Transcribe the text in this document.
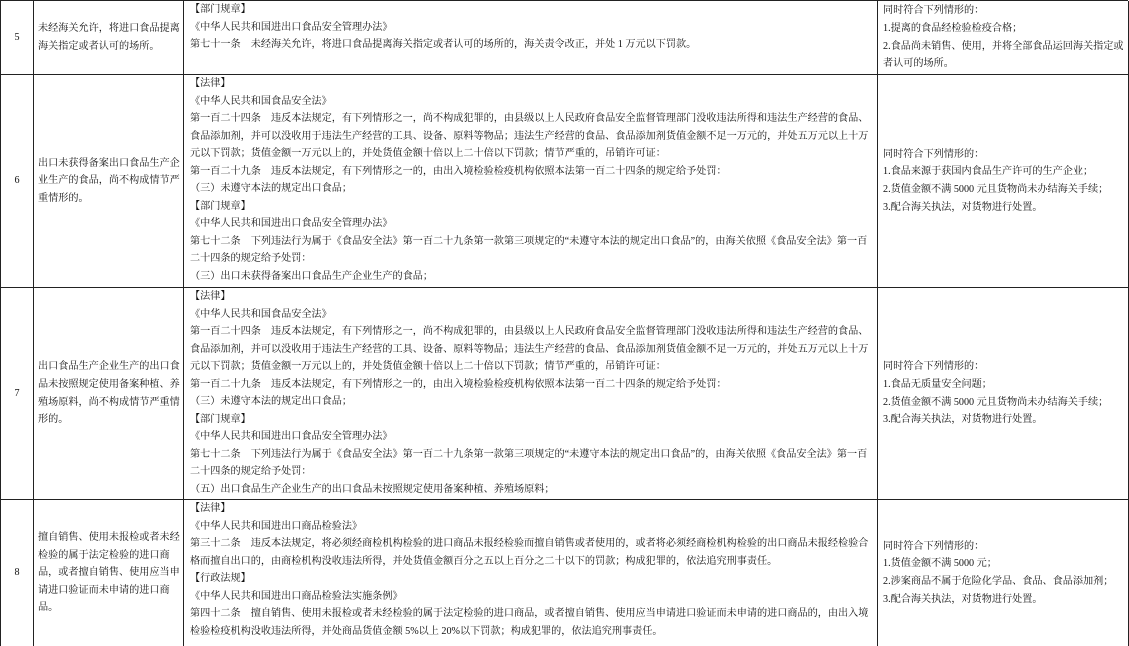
5

未经海关允许，将进口食品提离海关指定或者认可的场所。

【部门规章】

《中华人民共和国进出口食品安全管理办法》

第七十一条　未经海关允许，将进口食品提离海关指定或者认可的场所的，海关责令改正，并处 1 万元以下罚款。

同时符合下列情形的：

1.提离的食品经检验检疫合格；

2.食品尚未销售、使用，并将全部食品运回海关指定或者认可的场所。

6

出口未获得备案出口食品生产企业生产的食品，尚不构成情节严重情形的。

【法律】

《中华人民共和国食品安全法》

第一百二十四条　违反本法规定，有下列情形之一，尚不构成犯罪的，由县级以上人民政府食品安全监督管理部门没收违法所得和违法生产经营的食品、食品添加剂，并可以没收用于违法生产经营的工具、设备、原料等物品；违法生产经营的食品、食品添加剂货值金额不足一万元的，并处五万元以上十万元以下罚款；货值金额一万元以上的，并处货值金额十倍以上二十倍以下罚款；情节严重的，吊销许可证：

第一百二十九条　违反本法规定，有下列情形之一的，由出入境检验检疫机构依照本法第一百二十四条的规定给予处罚：

（三）未遵守本法的规定出口食品；

【部门规章】

《中华人民共和国进出口食品安全管理办法》

第七十二条　下列违法行为属于《食品安全法》第一百二十九条第一款第三项规定的“未遵守本法的规定出口食品”的，由海关依照《食品安全法》第一百二十四条的规定给予处罚：

（三）出口未获得备案出口食品生产企业生产的食品；

同时符合下列情形的：

1.食品来源于获国内食品生产许可的生产企业；

2.货值金额不满 5000 元且货物尚未办结海关手续；

3.配合海关执法，对货物进行处置。

7

出口食品生产企业生产的出口食品未按照规定使用备案种植、养殖场原料，尚不构成情节严重情形的。

【法律】

《中华人民共和国食品安全法》

第一百二十四条　违反本法规定，有下列情形之一，尚不构成犯罪的，由县级以上人民政府食品安全监督管理部门没收违法所得和违法生产经营的食品、食品添加剂，并可以没收用于违法生产经营的工具、设备、原料等物品；违法生产经营的食品、食品添加剂货值金额不足一万元的，并处五万元以上十万元以下罚款；货值金额一万元以上的，并处货值金额十倍以上二十倍以下罚款；情节严重的，吊销许可证：

第一百二十九条　违反本法规定，有下列情形之一的，由出入境检验检疫机构依照本法第一百二十四条的规定给予处罚：

（三）未遵守本法的规定出口食品；

【部门规章】

《中华人民共和国进出口食品安全管理办法》

第七十二条　下列违法行为属于《食品安全法》第一百二十九条第一款第三项规定的“未遵守本法的规定出口食品”的，由海关依照《食品安全法》第一百二十四条的规定给予处罚：

（五）出口食品生产企业生产的出口食品未按照规定使用备案种植、养殖场原料；

同时符合下列情形的：

1.食品无质量安全问题；

2.货值金额不满 5000 元且货物尚未办结海关手续；

3.配合海关执法，对货物进行处置。

8

擅自销售、使用未报检或者未经检验的属于法定检验的进口商品，或者擅自销售、使用应当申请进口验证而未申请的进口商品。

【法律】

《中华人民共和国进出口商品检验法》

第三十二条　违反本法规定，将必须经商检机构检验的进口商品未报经检验而擅自销售或者使用的，或者将必须经商检机构检验的出口商品未报经检验合格而擅自出口的，由商检机构没收违法所得，并处货值金额百分之五以上百分之二十以下的罚款；构成犯罪的，依法追究刑事责任。

【行政法规】

《中华人民共和国进出口商品检验法实施条例》

第四十二条　擅自销售、使用未报检或者未经检验的属于法定检验的进口商品，或者擅自销售、使用应当申请进口验证而未申请的进口商品的，由出入境检验检疫机构没收违法所得，并处商品货值金额 5%以上 20%以下罚款；构成犯罪的，依法追究刑事责任。

同时符合下列情形的：

1.货值金额不满 5000 元；

2.涉案商品不属于危险化学品、食品、食品添加剂；

3.配合海关执法，对货物进行处置。
